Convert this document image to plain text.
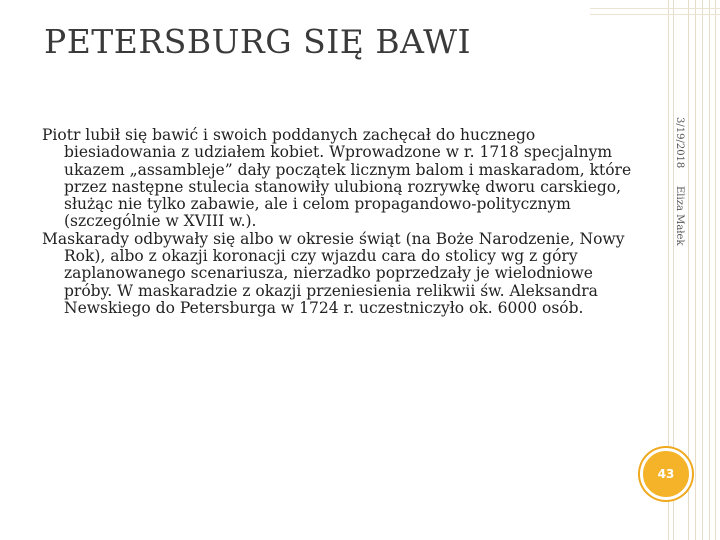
PETERSBURG SIĘ BAWI

Piotr lubił się bawić i swoich poddanych zachęcał do hucznego biesiadowania z udziałem kobiet. Wprowadzone w r. 1718 specjalnym ukazem „assambleje” dały początek licznym balom i maskaradom, które przez następne stulecia stanowiły ulubioną rozrywkę dworu carskiego, służąc nie tylko zabawie, ale i celom propagandowo-politycznym (szczególnie w XVIII w.).

Maskarady odbywały się albo w okresie świąt (na Boże Narodzenie, Nowy Rok), albo z okazji koronacji czy wjazdu cara do stolicy wg z góry zaplanowanego scenariusza, nierzadko poprzedzały je wielodniowe próby. W maskaradzie z okazji przeniesienia relikwii św. Aleksandra Newskiego do Petersburga w 1724 r. uczestniczyło ok. 6000 osób.

3/19/2018
Eliza Małek
43
